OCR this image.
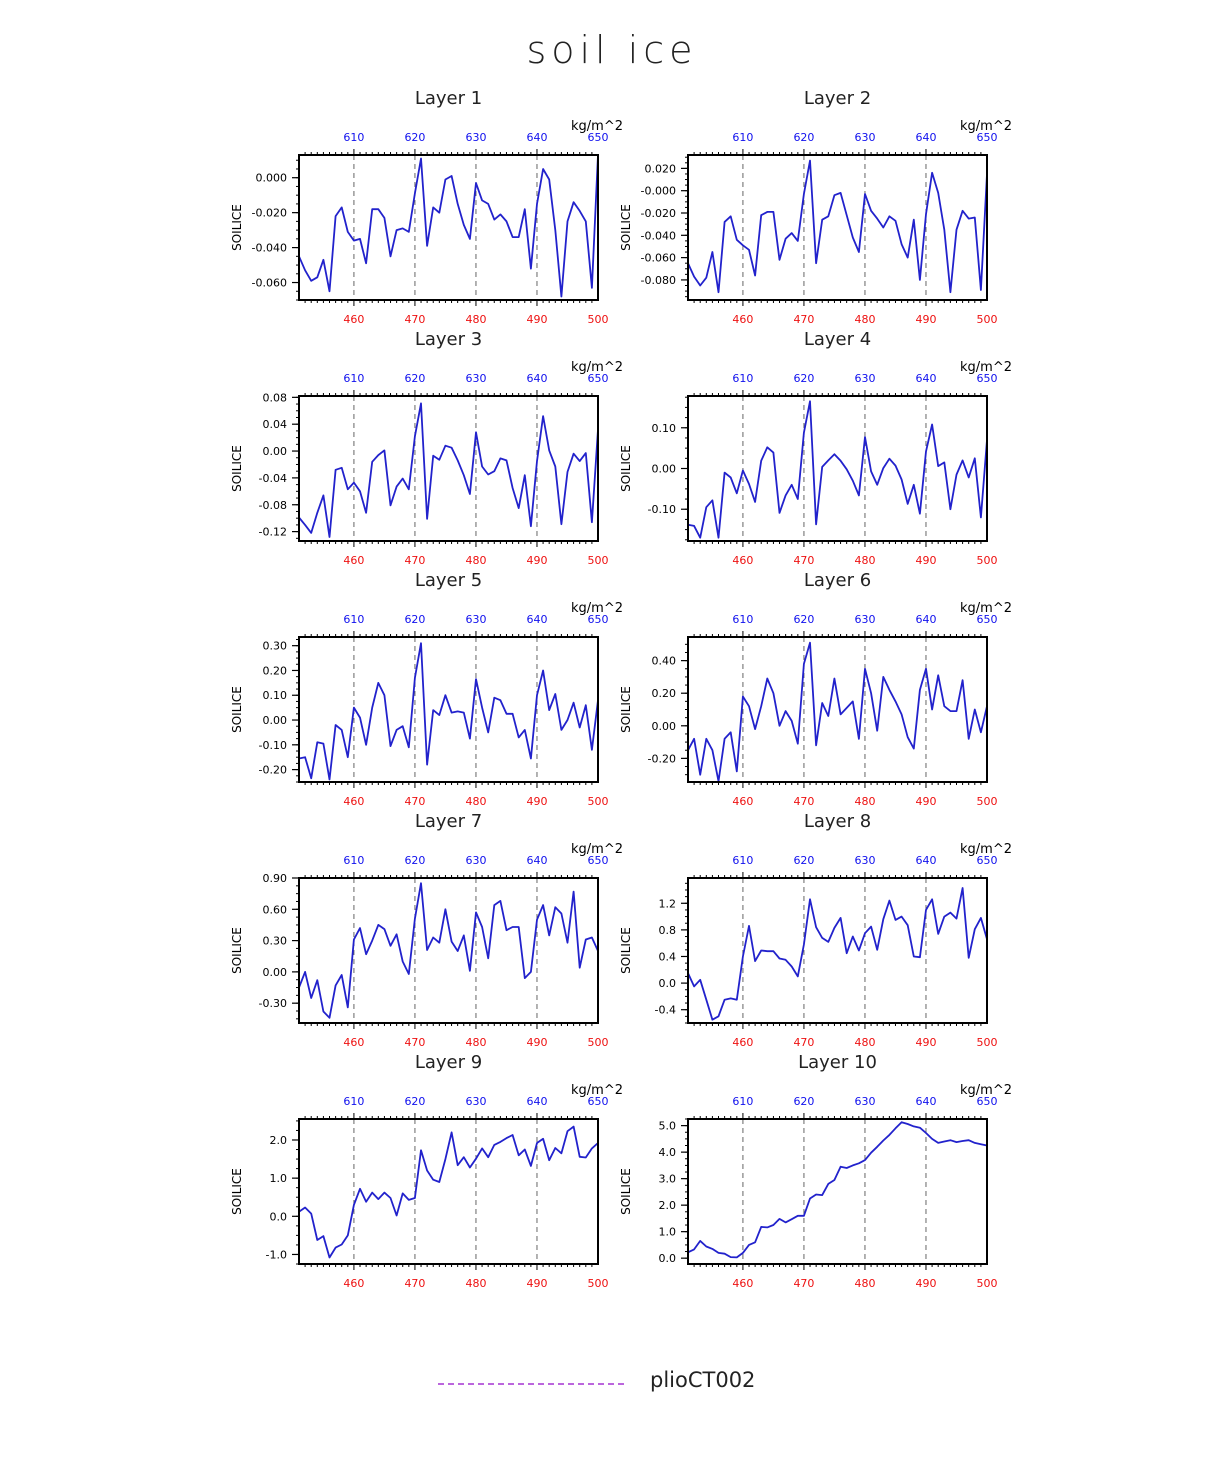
soil ice
Layer 1
kg/m^2
SOILICE
460
610
470
620
480
630
490
640
500
650
0.000
-0.020
-0.040
-0.060
Layer 2
kg/m^2
SOILICE
460
610
470
620
480
630
490
640
500
650
0.020
-0.000
-0.020
-0.040
-0.060
-0.080
Layer 3
kg/m^2
SOILICE
460
610
470
620
480
630
490
640
500
650
0.08
0.04
0.00
-0.04
-0.08
-0.12
Layer 4
kg/m^2
SOILICE
460
610
470
620
480
630
490
640
500
650
0.10
0.00
-0.10
Layer 5
kg/m^2
SOILICE
460
610
470
620
480
630
490
640
500
650
0.30
0.20
0.10
0.00
-0.10
-0.20
Layer 6
kg/m^2
SOILICE
460
610
470
620
480
630
490
640
500
650
0.40
0.20
0.00
-0.20
Layer 7
kg/m^2
SOILICE
460
610
470
620
480
630
490
640
500
650
0.90
0.60
0.30
0.00
-0.30
Layer 8
kg/m^2
SOILICE
460
610
470
620
480
630
490
640
500
650
1.2
0.8
0.4
0.0
-0.4
Layer 9
kg/m^2
SOILICE
460
610
470
620
480
630
490
640
500
650
2.0
1.0
0.0
-1.0
Layer 10
kg/m^2
SOILICE
460
610
470
620
480
630
490
640
500
650
5.0
4.0
3.0
2.0
1.0
0.0
plioCT002
